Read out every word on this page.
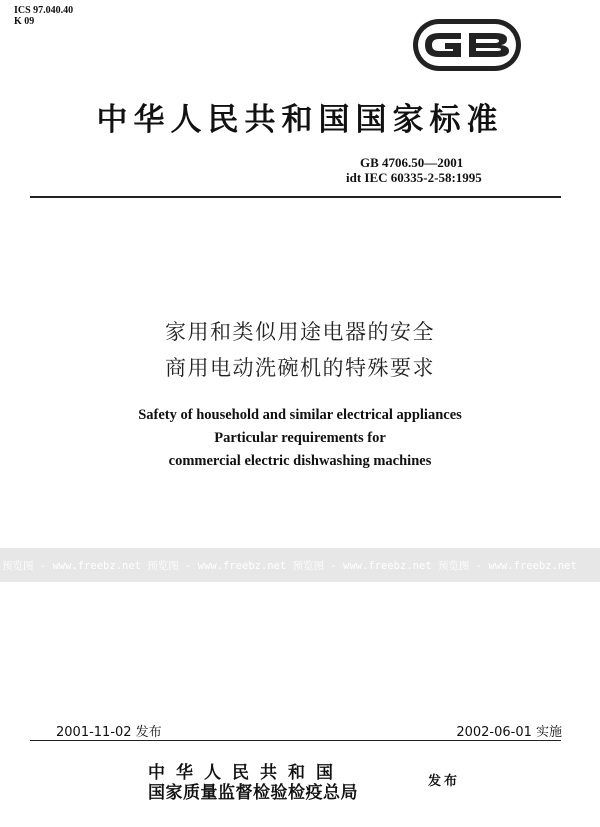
ICS 97.040.40
K 09
中华人民共和国国家标准
GB 4706.50—2001
idt IEC 60335-2-58:1995
家用和类似用途电器的安全
商用电动洗碗机的特殊要求
Safety of household and similar electrical appliances
Particular requirements for
commercial electric dishwashing machines
预览图 - www.freebz.net 预览图 - www.freebz.net 预览图 - www.freebz.net 预览图 - www.freebz.net
2001-11-02 发布	2002-06-01 实施
中华人民共和国
国家质量监督检验检疫总局
发布
